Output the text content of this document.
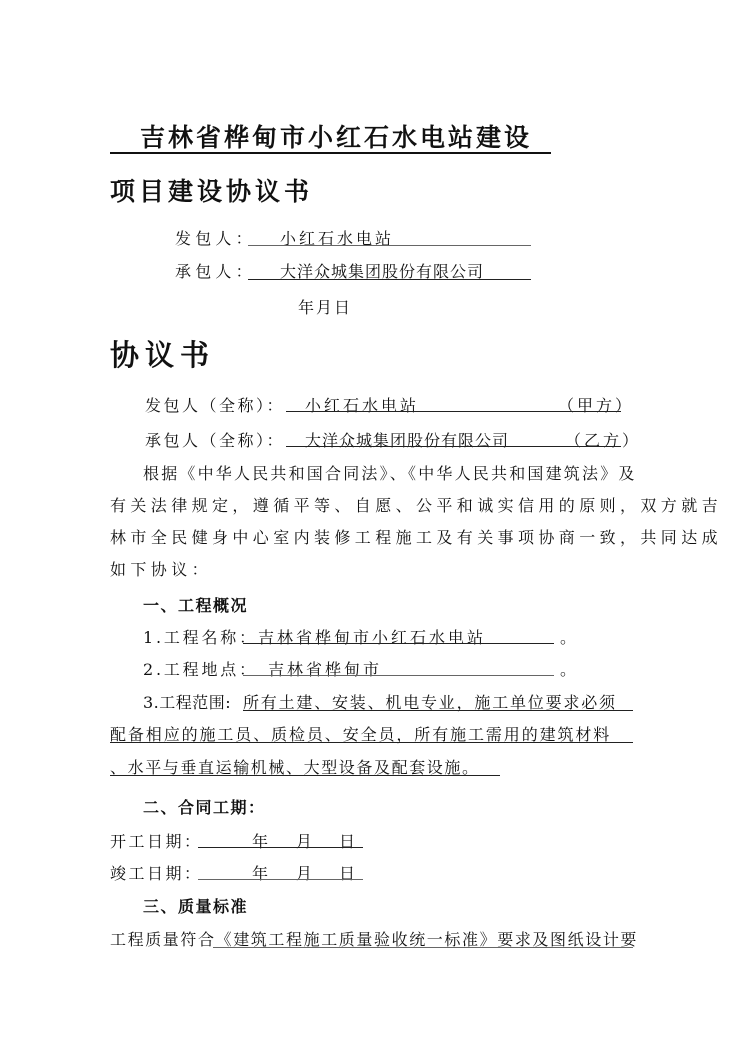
吉林省桦甸市小红石水电站建设
项目建设协议书
发包人： 小红石水电站
承包人： 大洋众城集团股份有限公司
年月日
协议书
发包人（全称）： 小红石水电站	（甲方）
承包人（全称）： 大洋众城集团股份有限公司	（乙方）
根据《中华人民共和国合同法》、《中华人民共和国建筑法》及
有关法律规定，遵循平等、自愿、公平和诚实信用的原则，双方就吉
林市全民健身中心室内装修工程施工及有关事项协商一致，共同达成
如下协议：
一、工程概况
1.工程名称： 吉林省桦甸市小红石水电站	。
2.工程地点： 吉林省桦甸市	。
3.工程范围: 所有土建、安装、机电专业，施工单位要求必须
配备相应的施工员、质检员、安全员，所有施工需用的建筑材料
、水平与垂直运输机械、大型设备及配套设施。
二、合同工期：
开工日期：	年 月 日
竣工日期：	年 月 日
三、质量标准
工程质量符合《建筑工程施工质量验收统一标准》要求及图纸设计要
